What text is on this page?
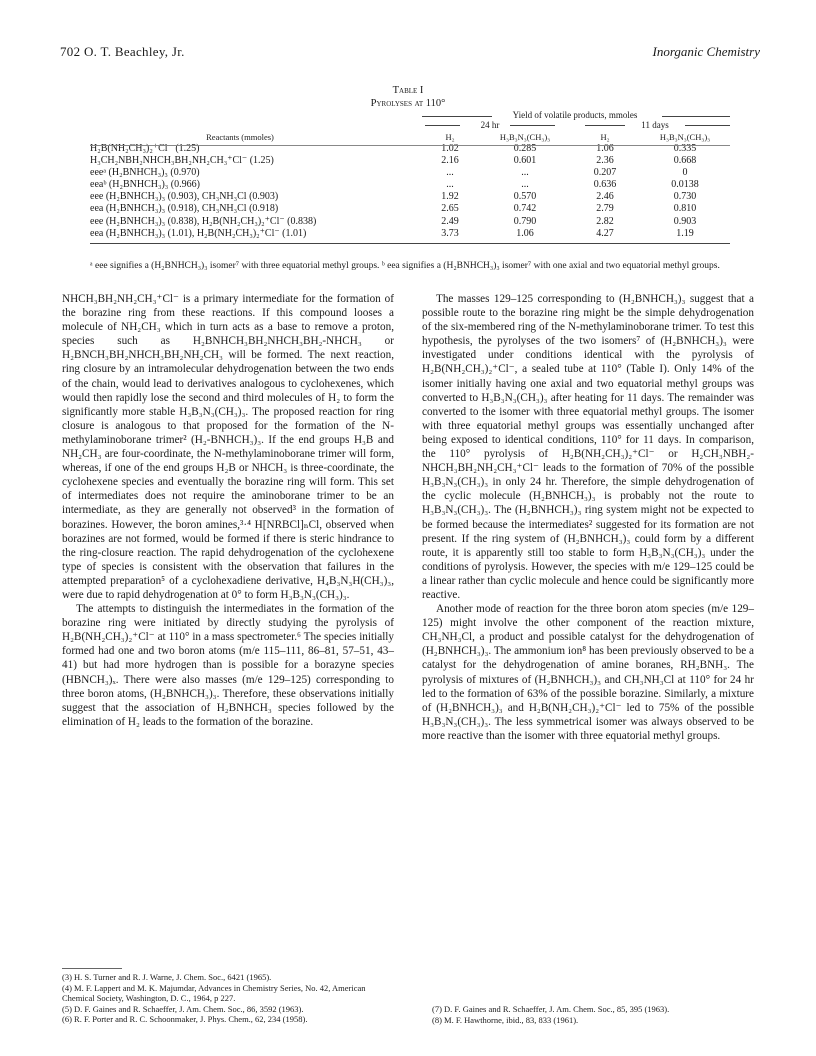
702 O. T. Beachley, Jr.	Inorganic Chemistry
Table I
Pyrolyses at 110°
Yield of volatile products, mmoles
24 hr	11 days
Reactants (mmoles)	H₂	H₃B₃N₃(CH₃)₃	H₂	H₃B₃N₃(CH₃)₃
H₂B(NH₂CH₃)₂⁺Cl⁻ (1.25)	1.02	0.285	1.06	0.335
H₃CH₂NBH₂NHCH₃BH₂NH₂CH₃⁺Cl⁻ (1.25)	2.16	0.601	2.36	0.668
eeeᵃ (H₂BNHCH₃)₃ (0.970)	...	...	0.207	0
eeaᵇ (H₂BNHCH₃)₃ (0.966)	...	...	0.636	0.0138
eee (H₂BNHCH₃)₃ (0.903), CH₃NH₃Cl (0.903)	1.92	0.570	2.46	0.730
eea (H₂BNHCH₃)₃ (0.918), CH₃NH₃Cl (0.918)	2.65	0.742	2.79	0.810
eee (H₂BNHCH₃)₃ (0.838), H₂B(NH₂CH₃)₂⁺Cl⁻ (0.838)	2.49	0.790	2.82	0.903
eea (H₂BNHCH₃)₃ (1.01), H₂B(NH₂CH₃)₂⁺Cl⁻ (1.01)	3.73	1.06	4.27	1.19
ᵃ eee signifies a (H₂BNHCH₃)₃ isomer⁷ with three equatorial methyl groups. ᵇ eea signifies a (H₂BNHCH₃)₃ isomer⁷ with one axial and two equatorial methyl groups.

NHCH₃BH₂NH₂CH₃⁺Cl⁻ is a primary intermediate for the formation of the borazine ring from these reactions. If this compound looses a molecule of NH₂CH₃ which in turn acts as a base to remove a proton, species such as H₂BNHCH₃BH₂NHCH₃BH₂-NHCH₃ or H₂BNCH₃BH₂NHCH₃BH₂NH₂CH₃ will be formed. The next reaction, ring closure by an intramolecular dehydrogenation between the two ends of the chain, would lead to derivatives analogous to cyclohexenes, which would then rapidly lose the second and third molecules of H₂ to form the significantly more stable H₃B₃N₃(CH₃)₃. The proposed reaction for ring closure is analogous to that proposed for the formation of the N-methylaminoborane trimer² (H₂-BNHCH₃)₃. If the end groups H₃B and NH₂CH₃ are four-coordinate, the N-methylaminoborane trimer will form, whereas, if one of the end groups H₂B or NHCH₃ is three-coordinate, the cyclohexene species and eventually the borazine ring will form. This set of intermediates does not require the aminoborane trimer to be an intermediate, as they are generally not observed³ in the formation of borazines. However, the boron amines,³·⁴ H[NRBCl]ₙCl, observed when borazines are not formed, would be formed if there is steric hindrance to the ring-closure reaction. The rapid dehydrogenation of the cyclohexene type of species is consistent with the observation that failures in the attempted preparation⁵ of a cyclohexadiene derivative, H₄B₃N₃H(CH₃)₃, were due to rapid dehydrogenation at 0° to form H₃B₃N₃(CH₃)₃.

The attempts to distinguish the intermediates in the formation of the borazine ring were initiated by directly studying the pyrolysis of H₂B(NH₂CH₃)₂⁺Cl⁻ at 110° in a mass spectrometer.⁶ The species initially formed had one and two boron atoms (m/e 115–111, 86–81, 57–51, 43–41) but had more hydrogen than is possible for a borazyne species (HBNCH₃)ₓ. There were also masses (m/e 129–125) corresponding to three boron atoms, (H₂BNHCH₃)₃. Therefore, these observations initially suggest that the association of H₂BNHCH₃ species followed by the elimination of H₂ leads to the formation of the borazine.

The masses 129–125 corresponding to (H₂BNHCH₃)₃ suggest that a possible route to the borazine ring might be the simple dehydrogenation of the six-membered ring of the N-methylaminoborane trimer. To test this hypothesis, the pyrolyses of the two isomers⁷ of (H₂BNHCH₃)₃ were investigated under conditions identical with the pyrolysis of H₂B(NH₂CH₃)₂⁺Cl⁻, a sealed tube at 110° (Table I). Only 14% of the isomer initially having one axial and two equatorial methyl groups was converted to H₃B₃N₃(CH₃)₃ after heating for 11 days. The remainder was converted to the isomer with three equatorial methyl groups. The isomer with three equatorial methyl groups was essentially unchanged after being exposed to identical conditions, 110° for 11 days. In comparison, the 110° pyrolysis of H₂B(NH₂CH₃)₂⁺Cl⁻ or H₂CH₃NBH₂-NHCH₃BH₂NH₂CH₃⁺Cl⁻ leads to the formation of 70% of the possible H₃B₃N₃(CH₃)₃ in only 24 hr. Therefore, the simple dehydrogenation of the cyclic molecule (H₂BNHCH₃)₃ is probably not the route to H₃B₃N₃(CH₃)₃. The (H₂BNHCH₃)₃ ring system might not be expected to be formed because the intermediates² suggested for its formation are not present. If the ring system of (H₂BNHCH₃)₃ could form by a different route, it is apparently still too stable to form H₃B₃N₃(CH₃)₃ under the conditions of pyrolysis. However, the species with m/e 129–125 could be a linear rather than cyclic molecule and hence could be significantly more reactive.

Another mode of reaction for the three boron atom species (m/e 129–125) might involve the other component of the reaction mixture, CH₃NH₃Cl, a product and possible catalyst for the dehydrogenation of (H₂BNHCH₃)₃. The ammonium ion⁸ has been previously observed to be a catalyst for the dehydrogenation of amine boranes, RH₂BNH₃. The pyrolysis of mixtures of (H₂BNHCH₃)₃ and CH₃NH₃Cl at 110° for 24 hr led to the formation of 63% of the possible borazine. Similarly, a mixture of (H₂BNHCH₃)₃ and H₂B(NH₂CH₃)₂⁺Cl⁻ led to 75% of the possible H₃B₃N₃(CH₃)₃. The less symmetrical isomer was always observed to be more reactive than the isomer with three equatorial methyl groups.

(3) H. S. Turner and R. J. Warne, J. Chem. Soc., 6421 (1965).
(4) M. F. Lappert and M. K. Majumdar, Advances in Chemistry Series, No. 42, American Chemical Society, Washington, D. C., 1964, p 227.
(5) D. F. Gaines and R. Schaeffer, J. Am. Chem. Soc., 86, 3592 (1963).
(6) R. F. Porter and R. C. Schoonmaker, J. Phys. Chem., 62, 234 (1958).
(7) D. F. Gaines and R. Schaeffer, J. Am. Chem. Soc., 85, 395 (1963).
(8) M. F. Hawthorne, ibid., 83, 833 (1961).
